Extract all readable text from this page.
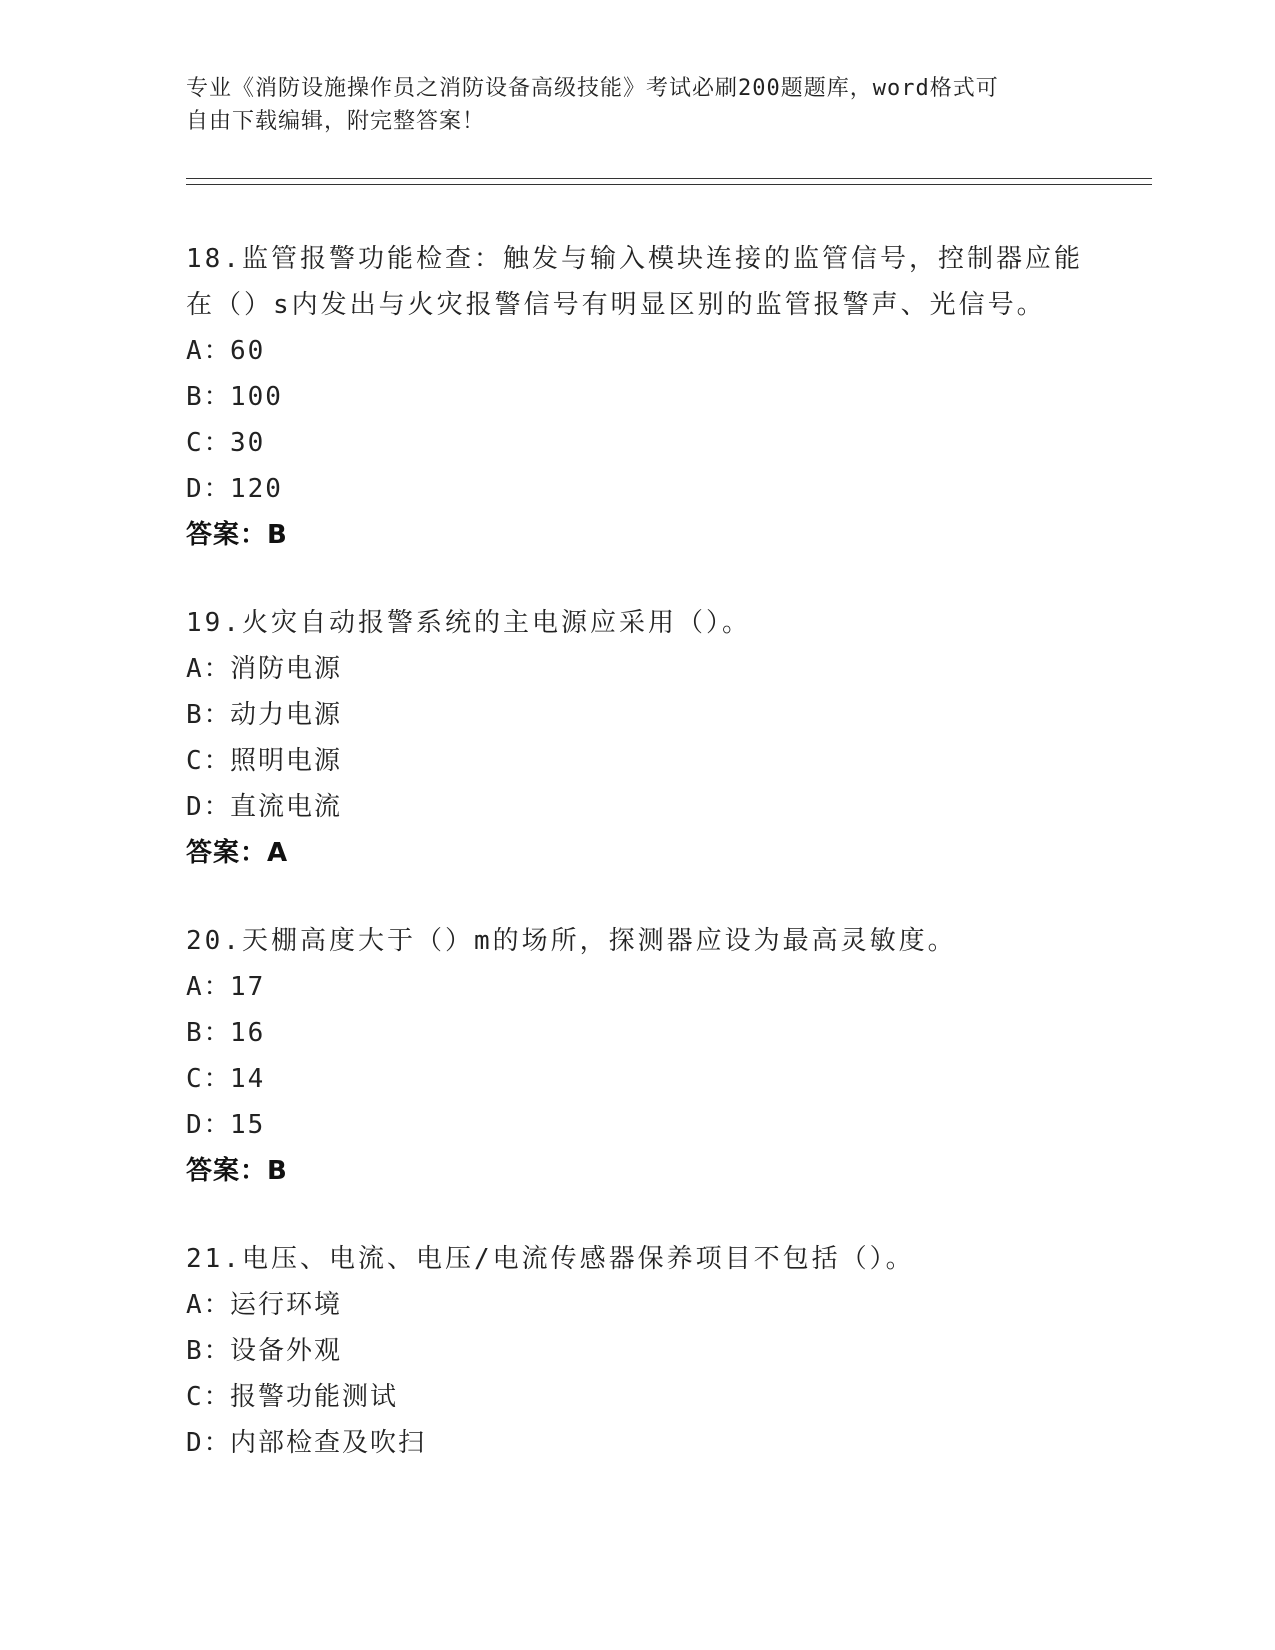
专业《消防设施操作员之消防设备高级技能》考试必刷200题题库，word格式可
自由下载编辑，附完整答案！

18.监管报警功能检查：触发与输入模块连接的监管信号，控制器应能

在（）s内发出与火灾报警信号有明显区别的监管报警声、光信号。

A：
60
B：
100
C：
30
D：
120
答案：B

19.火灾自动报警系统的主电源应采用（）。

A：
消防电源
B：
动力电源
C：
照明电源
D：
直流电流
答案：A

20.天棚高度大于（）m的场所，探测器应设为最高灵敏度。

A：
17
B：
16
C：
14
D：
15
答案：B

21.电压、电流、电压/电流传感器保养项目不包括（）。

A：
运行环境
B：
设备外观
C：
报警功能测试
D：
内部检查及吹扫
